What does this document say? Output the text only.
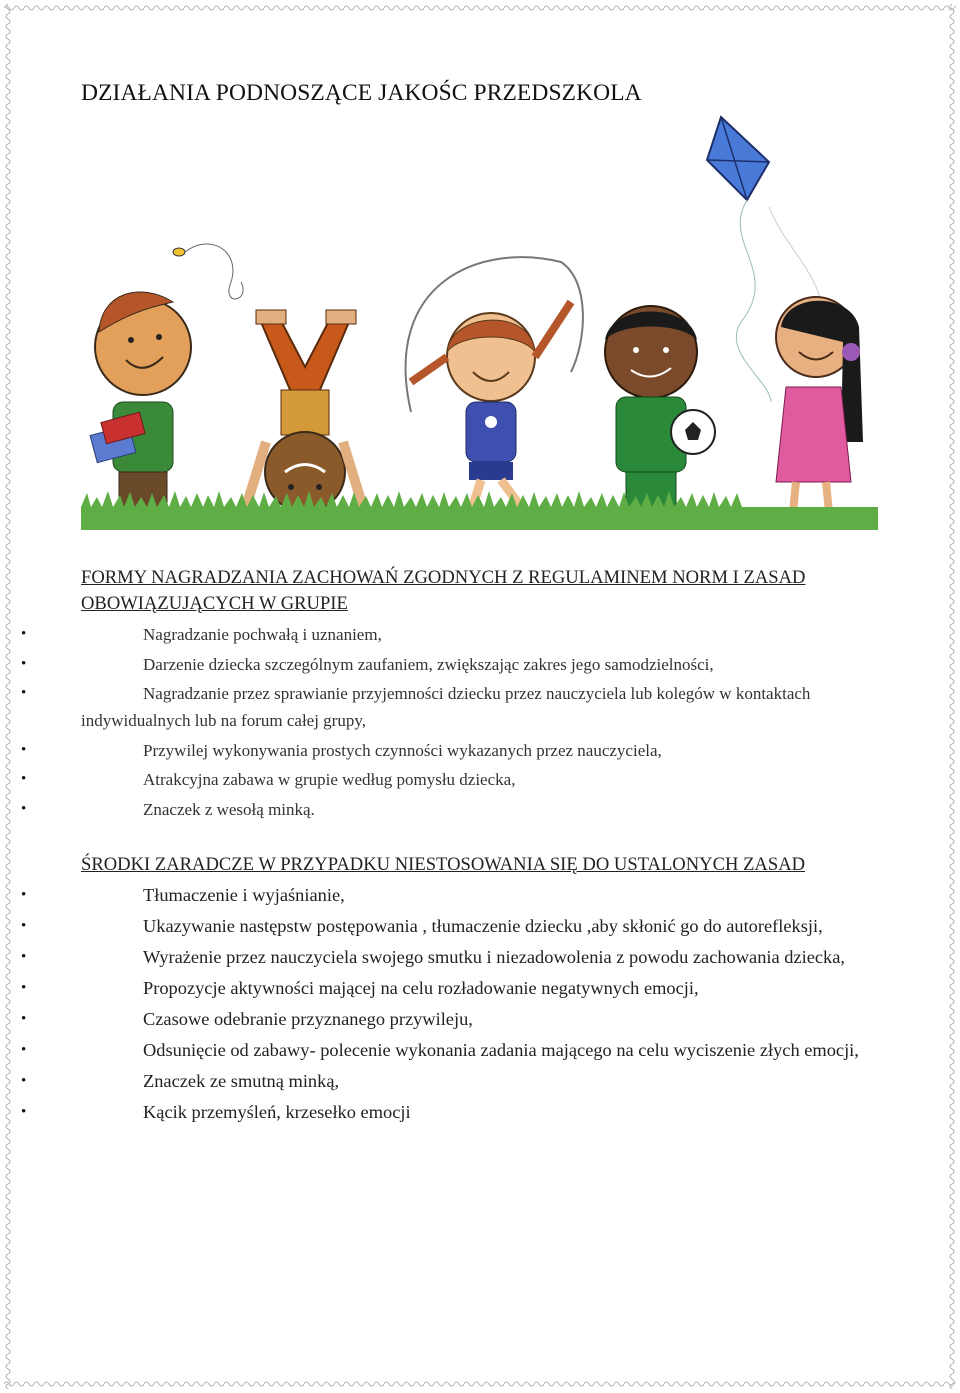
DZIAŁANIA PODNOSZĄCE JAKOŚC PRZEDSZKOLA
FORMY NAGRADZANIA ZACHOWAŃ ZGODNYCH Z REGULAMINEM NORM I ZASAD OBOWIĄZUJĄCYCH W GRUPIE
• Nagradzanie pochwałą i uznaniem,
• Darzenie dziecka szczególnym zaufaniem, zwiększając zakres jego samodzielności,
• Nagradzanie przez sprawianie przyjemności dziecku przez nauczyciela lub kolegów w kontaktach indywidualnych lub na forum całej grupy,
• Przywilej wykonywania prostych czynności wykazanych przez nauczyciela,
• Atrakcyjna zabawa w grupie według pomysłu dziecka,
• Znaczek z wesołą minką.
ŚRODKI ZARADCZE W PRZYPADKU NIESTOSOWANIA SIĘ DO USTALONYCH ZASAD
• Tłumaczenie i wyjaśnianie,
• Ukazywanie następstw postępowania , tłumaczenie dziecku ,aby skłonić go do autorefleksji,
• Wyrażenie przez nauczyciela swojego smutku i niezadowolenia z powodu zachowania dziecka,
• Propozycje aktywności mającej na celu rozładowanie negatywnych emocji,
• Czasowe odebranie przyznanego przywileju,
• Odsunięcie od zabawy- polecenie wykonania zadania mającego na celu wyciszenie złych emocji,
• Znaczek ze smutną minką,
• Kącik przemyśleń, krzesełko emocji
